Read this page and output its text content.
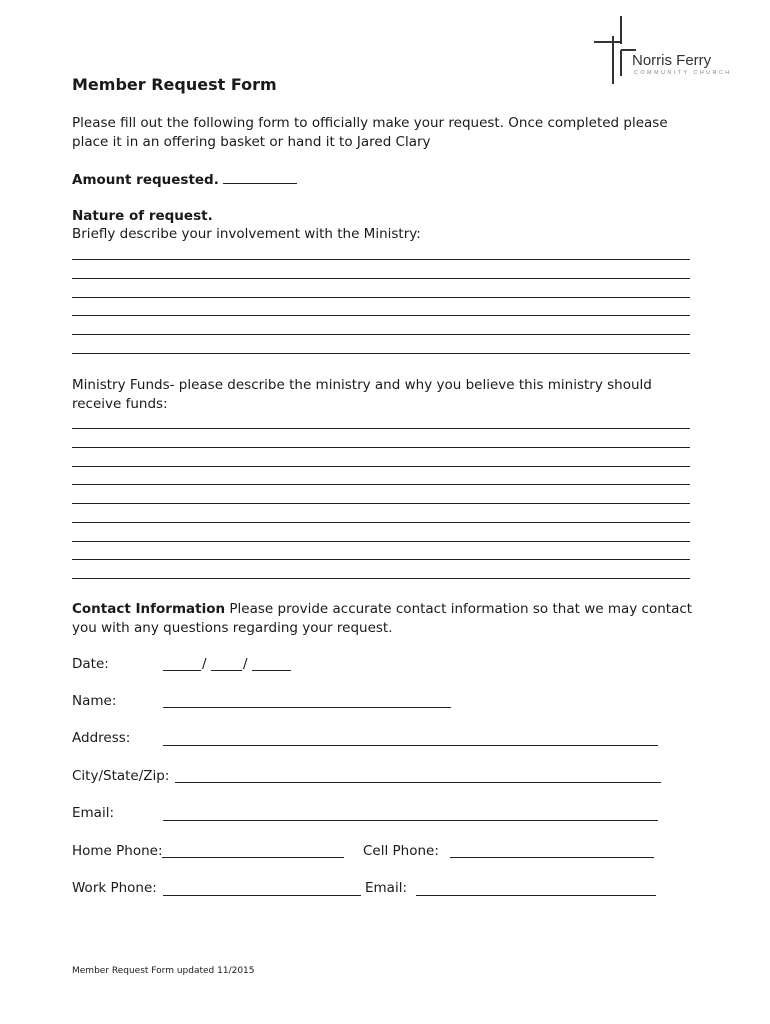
Norris Ferry
COMMUNITY CHURCH
Member Request Form
Please fill out the following form to officially make your request. Once completed please place it in an offering basket or hand it to Jared Clary
Amount requested.
Nature of request.
Briefly describe your involvement with the Ministry:
Ministry Funds- please describe the ministry and why you believe this ministry should receive funds:
Contact Information Please provide accurate contact information so that we may contact you with any questions regarding your request.
Date:	/	/
Name:
Address:
City/State/Zip:
Email:
Home Phone:	Cell Phone:
Work Phone:	Email:
Member Request Form updated 11/2015
